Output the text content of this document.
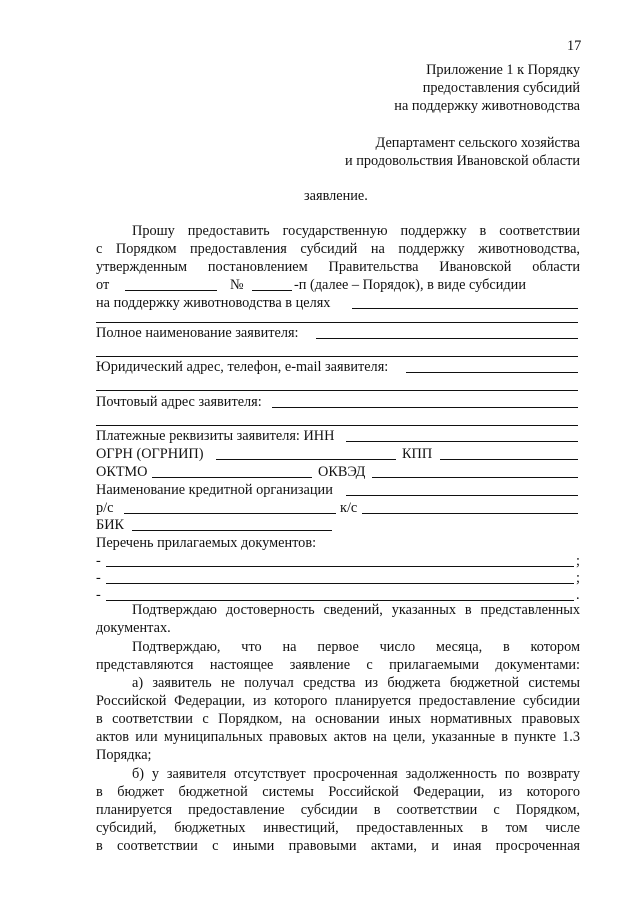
17
Приложение 1 к Порядку
предоставления субсидий
на поддержку животноводства
Департамент сельского хозяйства
и продовольствия Ивановской области
заявление.
Прошу предоставить государственную поддержку в соответствии
с Порядком предоставления субсидий на поддержку животноводства,
утвержденным постановлением Правительства Ивановской области
от	№	-п (далее – Порядок), в виде субсидии
на поддержку животноводства в целях
Полное наименование заявителя:
Юридический адрес, телефон, e-mail заявителя:
Почтовый адрес заявителя:
Платежные реквизиты заявителя: ИНН
ОГРН (ОГРНИП)	КПП
ОКТМО	ОКВЭД
Наименование кредитной организации
р/с	к/с
БИК
Перечень прилагаемых документов:
-	;
-	;
-	.
Подтверждаю достоверность сведений, указанных в представленных
документах.
Подтверждаю, что на первое число месяца, в котором
представляются настоящее заявление с прилагаемыми документами:
а) заявитель не получал средства из бюджета бюджетной системы
Российской Федерации, из которого планируется предоставление субсидии
в соответствии с Порядком, на основании иных нормативных правовых
актов или муниципальных правовых актов на цели, указанные в пункте 1.3
Порядка;
б) у заявителя отсутствует просроченная задолженность по возврату
в бюджет бюджетной системы Российской Федерации, из которого
планируется предоставление субсидии в соответствии с Порядком,
субсидий, бюджетных инвестиций, предоставленных в том числе
в соответствии с иными правовыми актами, и иная просроченная
